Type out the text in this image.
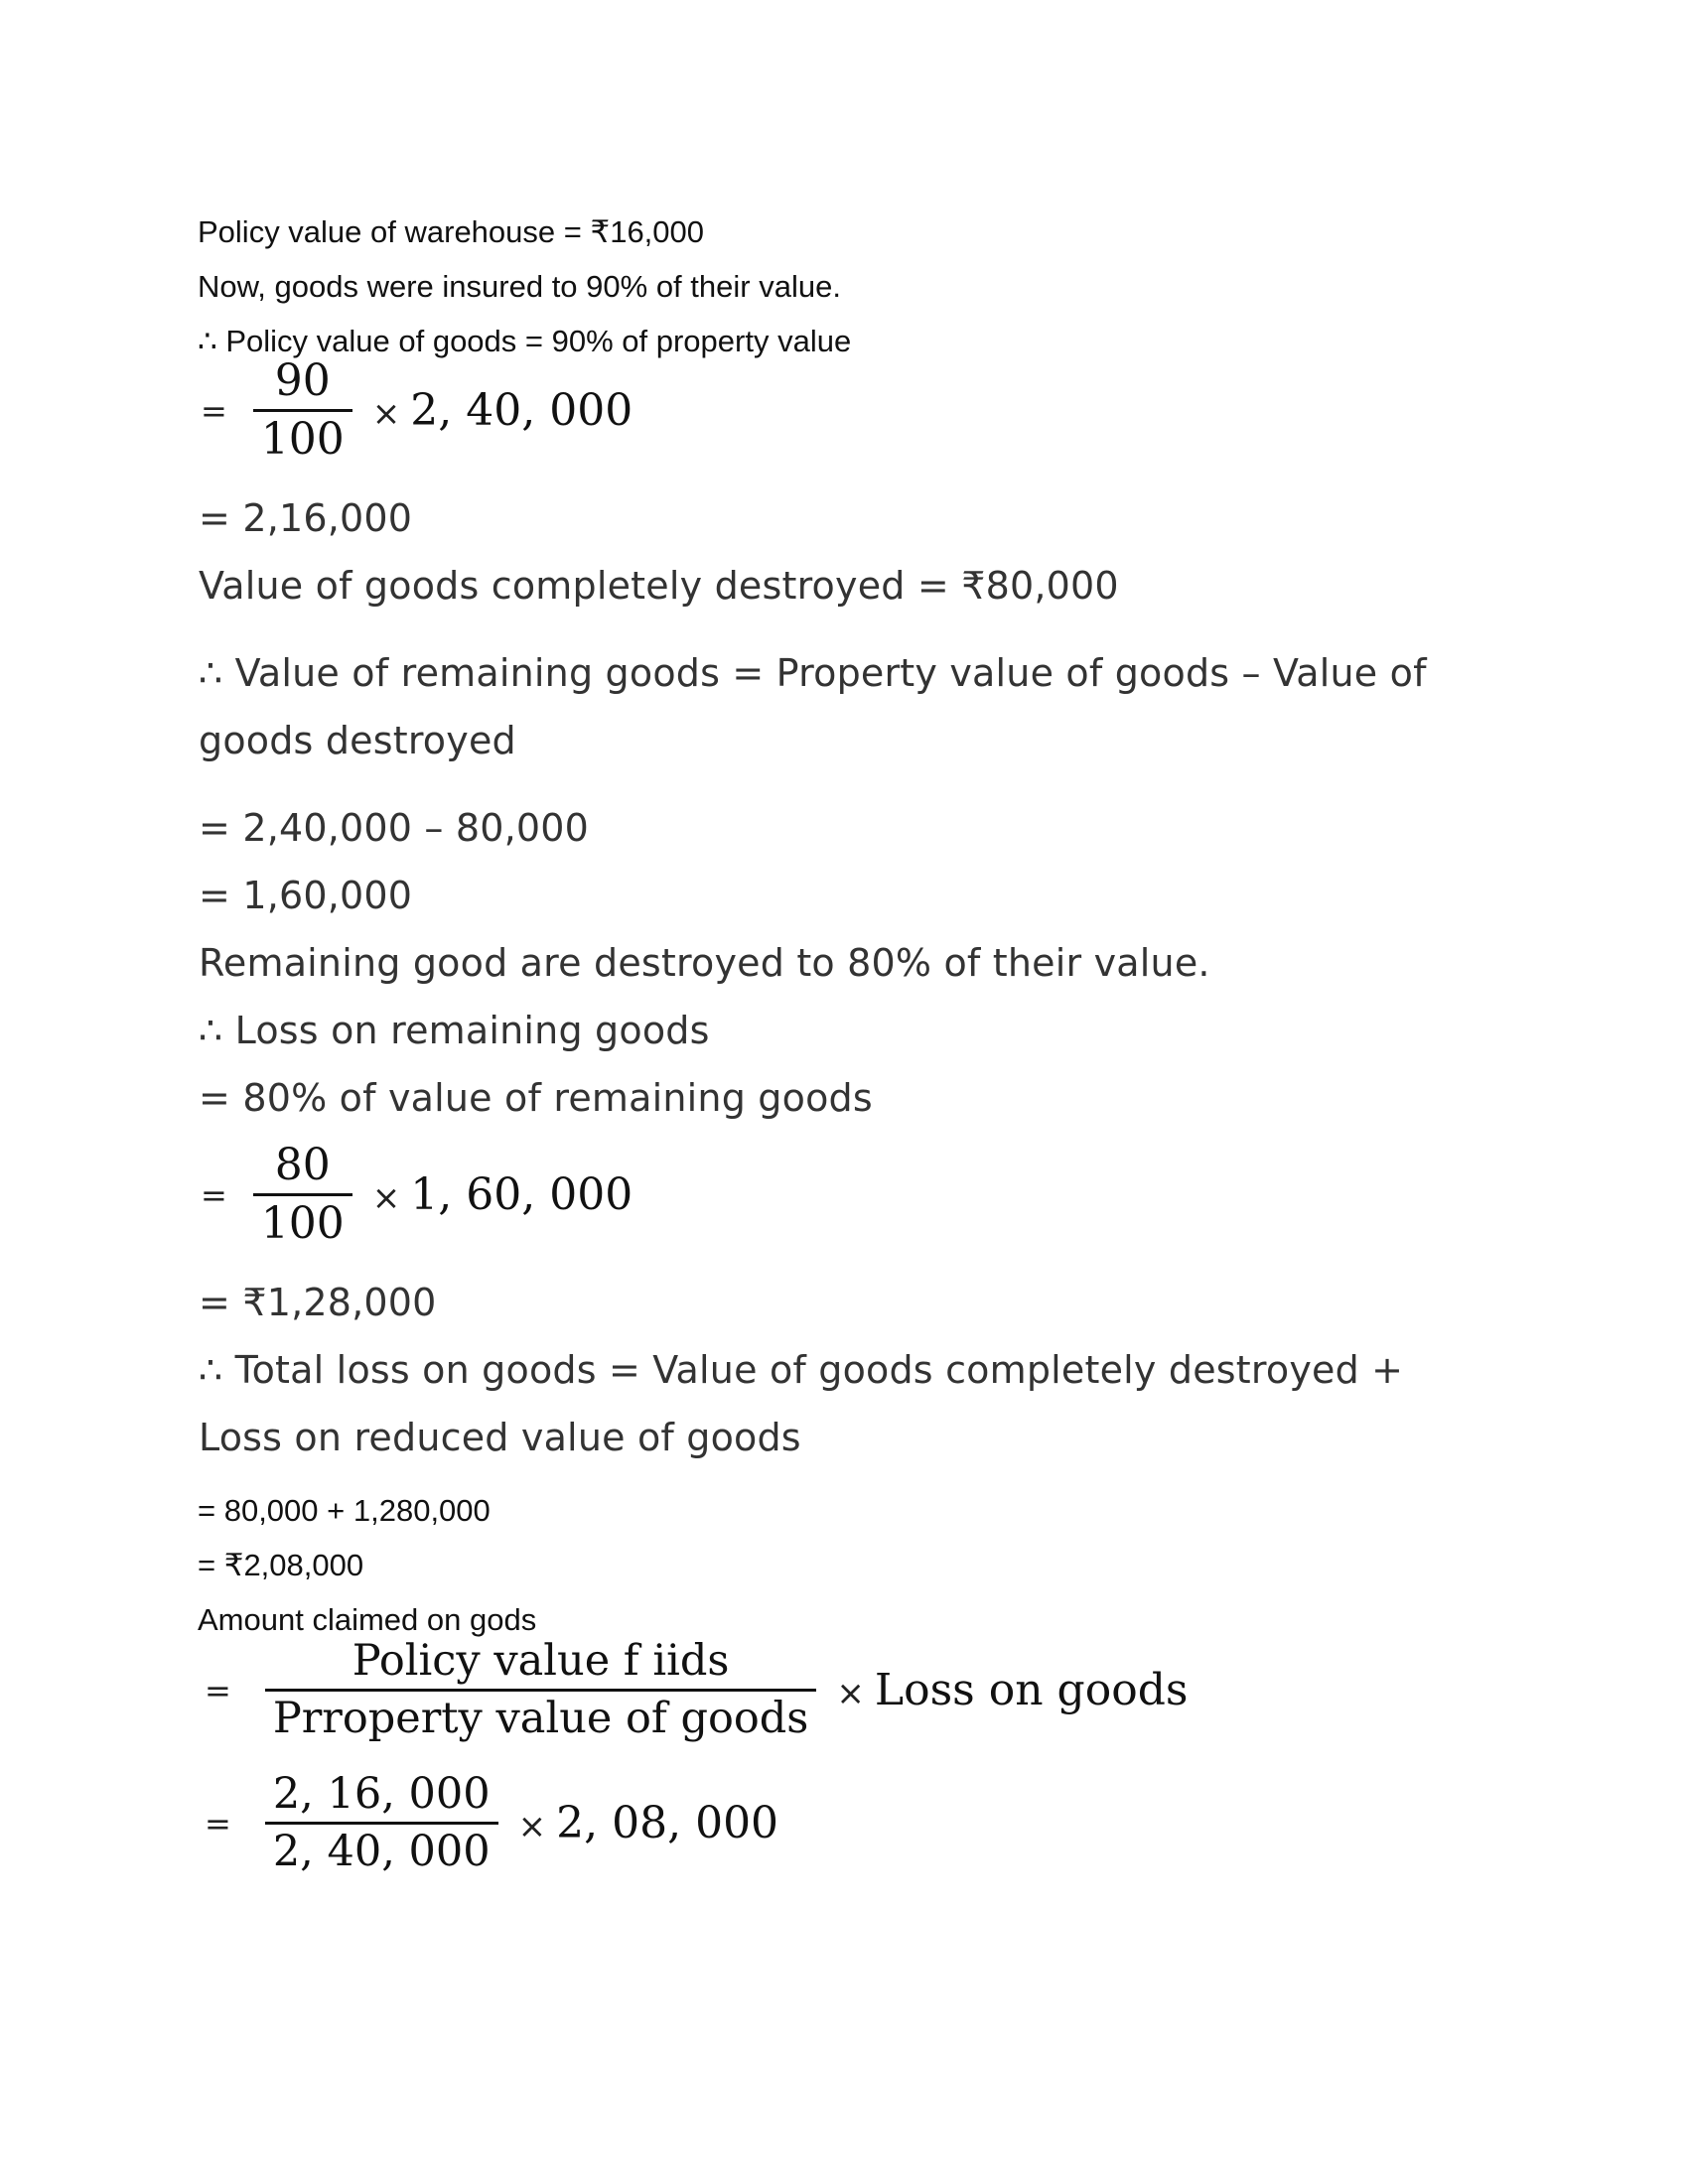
Policy value of warehouse = ₹16,000
Now, goods were insured to 90% of their value.
∴ Policy value of goods = 90% of property value
= $\frac{90}{100} \times 2$, 40, 000
= 2,16,000
Value of goods completely destroyed = ₹80,000
∴ Value of remaining goods = Property value of goods – Value of
goods destroyed
= 2,40,000 – 80,000
= 1,60,000
Remaining good are destroyed to 80% of their value.
∴ Loss on remaining goods
= 80% of value of remaining goods
= $\frac{80}{100} \times 1$, 60, 000
= ₹1,28,000
∴ Total loss on goods = Value of goods completely destroyed +
Loss on reduced value of goods
= 80,000 + 1,280,000
= ₹2,08,000
Amount claimed on gods
= $\frac{\text{Policy value f iids}}{\text{Prroperty value of goods}}$ × Loss on goods
= $\frac{2, 16, 000}{2, 40, 000} \times 2$, 08, 000
